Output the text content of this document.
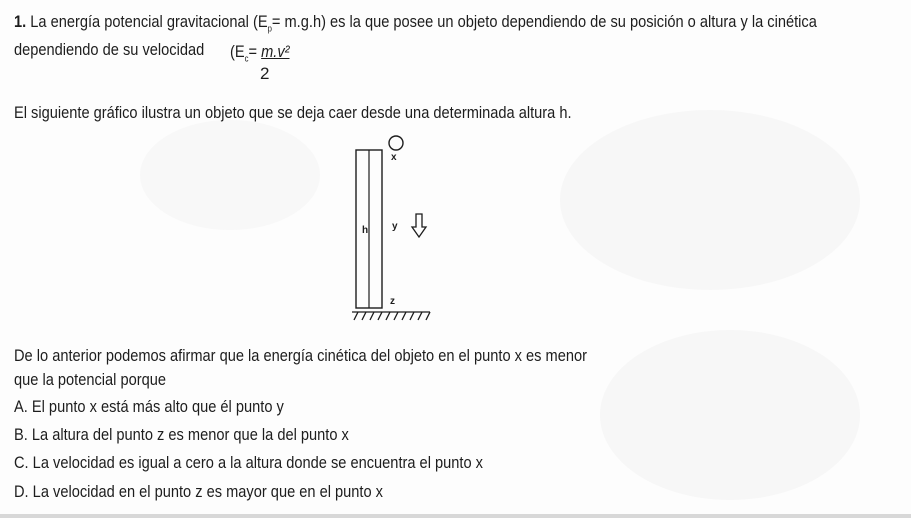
1. La energía potencial gravitacional $(E_p= m.g.h)$ es la que posee un objeto dependiendo de su posición o altura y la cinética
dependiendo de su velocidad	($E_c= m.v^2$
2
El siguiente gráfico ilustra un objeto que se deja caer desde una determinada altura h.
x
h y
z
De lo anterior podemos afirmar que la energía cinética del objeto en el punto x es menor
que la potencial porque
A. El punto x está más alto que él punto y
B. La altura del punto z es menor que la del punto x
C. La velocidad es igual a cero a la altura donde se encuentra el punto x
D. La velocidad en el punto z es mayor que en el punto x
